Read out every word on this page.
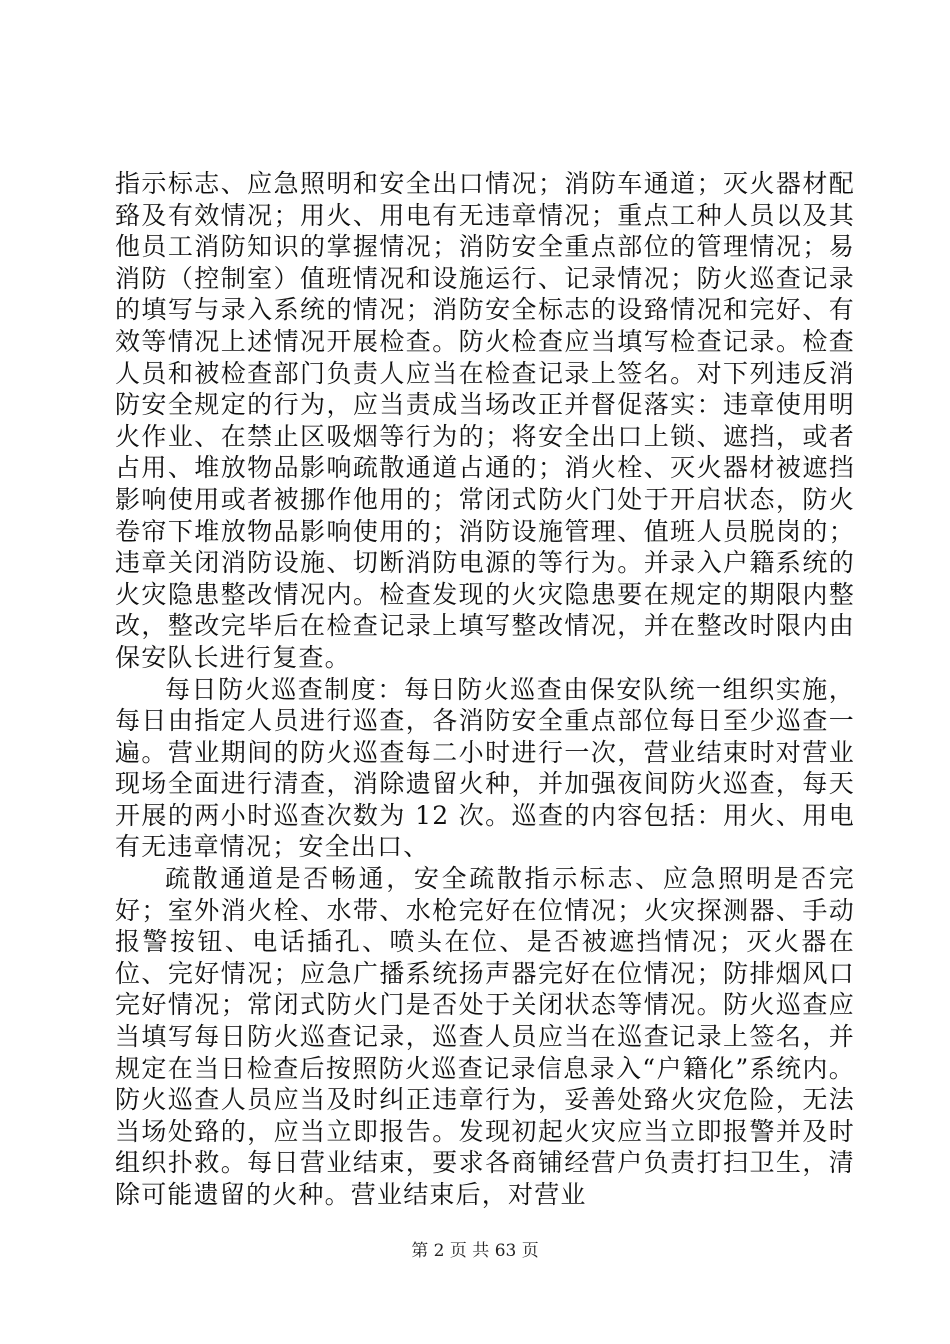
指示标志、应急照明和安全出口情况；消防车通道；灭火器材配臵及有效情况；用火、用电有无违章情况；重点工种人员以及其他员工消防知识的掌握情况；消防安全重点部位的管理情况；易消防（控制室）值班情况和设施运行、记录情况；防火巡查记录的填写与录入系统的情况；消防安全标志的设臵情况和完好、有效等情况上述情况开展检查。防火检查应当填写检查记录。检查人员和被检查部门负责人应当在检查记录上签名。对下列违反消防安全规定的行为，应当责成当场改正并督促落实：违章使用明火作业、在禁止区吸烟等行为的；将安全出口上锁、遮挡，或者占用、堆放物品影响疏散通道占通的；消火栓、灭火器材被遮挡影响使用或者被挪作他用的；常闭式防火门处于开启状态，防火卷帘下堆放物品影响使用的；消防设施管理、值班人员脱岗的；违章关闭消防设施、切断消防电源的等行为。并录入户籍系统的火灾隐患整改情况内。检查发现的火灾隐患要在规定的期限内整改，整改完毕后在检查记录上填写整改情况，并在整改时限内由保安队长进行复查。

每日防火巡查制度：每日防火巡查由保安队统一组织实施，每日由指定人员进行巡查，各消防安全重点部位每日至少巡查一遍。营业期间的防火巡查每二小时进行一次，营业结束时对营业现场全面进行清查，消除遗留火种，并加强夜间防火巡查，每天开展的两小时巡查次数为 12 次。巡查的内容包括：用火、用电有无违章情况；安全出口、

疏散通道是否畅通，安全疏散指示标志、应急照明是否完好；室外消火栓、水带、水枪完好在位情况；火灾探测器、手动报警按钮、电话插孔、喷头在位、是否被遮挡情况；灭火器在位、完好情况；应急广播系统扬声器完好在位情况；防排烟风口完好情况；常闭式防火门是否处于关闭状态等情况。防火巡查应当填写每日防火巡查记录，巡查人员应当在巡查记录上签名，并规定在当日检查后按照防火巡查记录信息录入“户籍化”系统内。防火巡查人员应当及时纠正违章行为，妥善处臵火灾危险，无法当场处臵的，应当立即报告。发现初起火灾应当立即报警并及时组织扑救。每日营业结束，要求各商铺经营户负责打扫卫生，清除可能遗留的火种。营业结束后，对营业

第 2 页 共 63 页
